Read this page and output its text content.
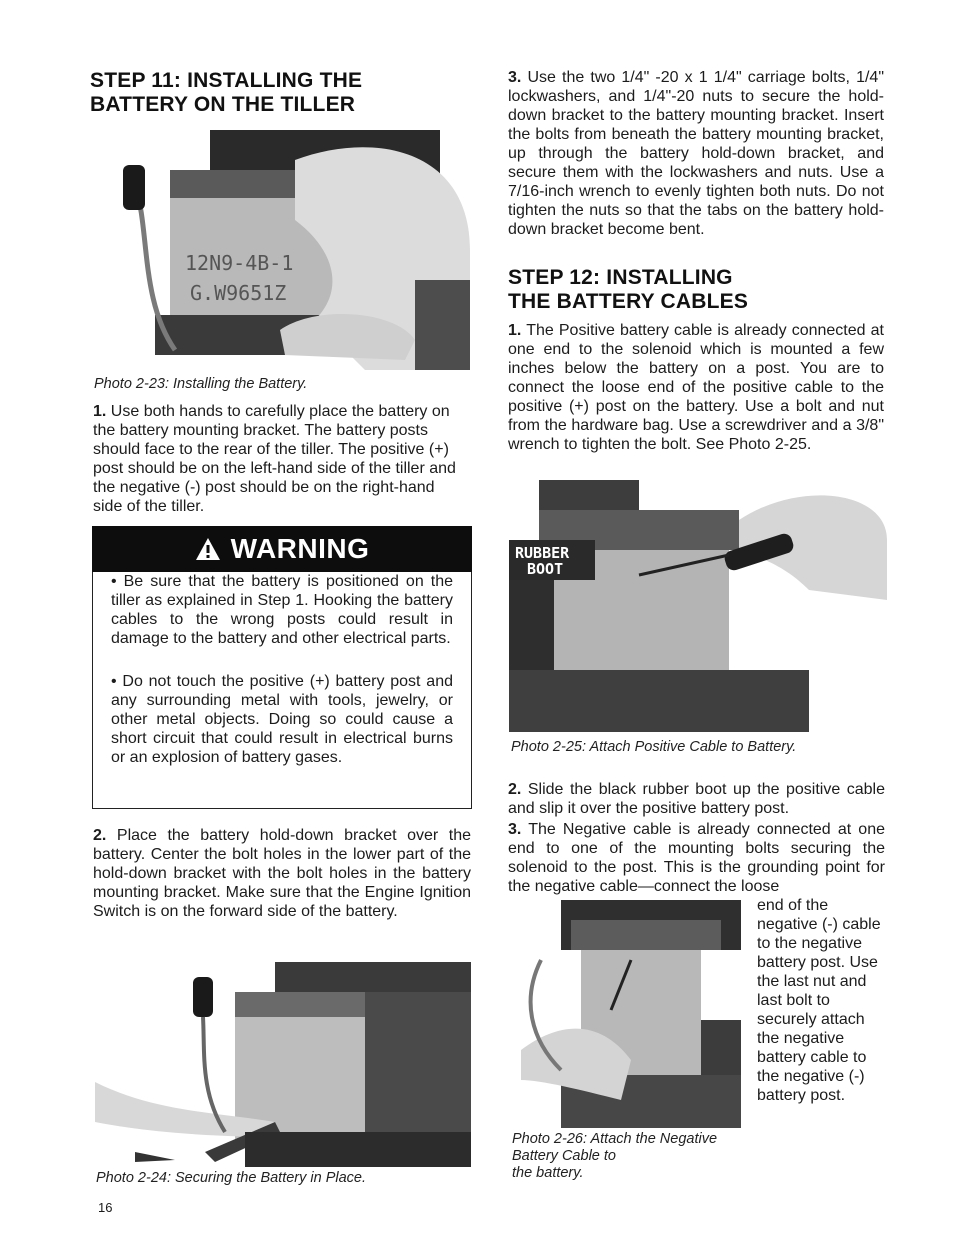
STEP 11: INSTALLING THE BATTERY ON THE TILLER
12N9-4B-1
G.W9651Z
Photo 2-23: Installing the Battery.
1. Use both hands to carefully place the battery on the battery mounting bracket. The battery posts should face to the rear of the tiller. The positive (+) post should be on the left-hand side of the tiller and the negative (-) post should be on the right-hand side of the tiller.
WARNING
• Be sure that the battery is positioned on the tiller as explained in Step 1. Hooking the battery cables to the wrong posts could result in damage to the battery and other electrical parts.
• Do not touch the positive (+) battery post and any surrounding metal with tools, jewelry, or other metal objects. Doing so could cause a short circuit that could result in electrical burns or an explosion of battery gases.
2. Place the battery hold-down bracket over the battery. Center the bolt holes in the lower part of the hold-down bracket with the bolt holes in the battery mounting bracket. Make sure that the Engine Ignition Switch is on the forward side of the battery.
Photo 2-24: Securing the Battery in Place.
16
3. Use the two 1/4" -20 x 1 1/4" carriage bolts, 1/4" lockwashers, and 1/4"-20 nuts to secure the hold-down bracket to the battery mounting bracket. Insert the bolts from beneath the battery mounting bracket, up through the battery hold-down bracket, and secure them with the lockwashers and nuts. Use a 7/16-inch wrench to evenly tighten both nuts. Do not tighten the nuts so that the tabs on the battery hold-down bracket become bent.
STEP 12: INSTALLING THE BATTERY CABLES
1. The Positive battery cable is already connected at one end to the solenoid which is mounted a few inches below the battery on a post. You are to connect the loose end of the positive cable to the positive (+) post on the battery. Use a bolt and nut from the hardware bag. Use a screwdriver and a 3/8" wrench to tighten the bolt. See Photo 2-25.
RUBBER
BOOT
Photo 2-25: Attach Positive Cable to Battery.
2. Slide the black rubber boot up the positive cable and slip it over the positive battery post.
3. The Negative cable is already connected at one end to one of the mounting bolts securing the solenoid to the post. This is the grounding point for the negative cable—connect the loose
end of the negative (-) cable to the negative battery post. Use the last nut and last bolt to securely attach the negative battery cable to the negative (-) battery post.
Photo 2-26: Attach the Negative
Battery Cable to
the battery.
